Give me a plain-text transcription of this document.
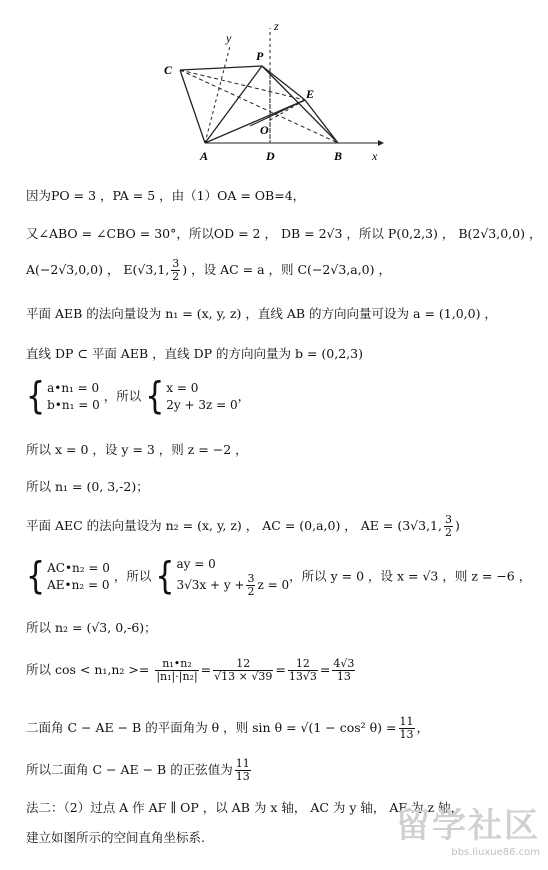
y
z
C
P
E
O
A	D	B x
因为PO = 3 ，PA = 5 ，由（1）OA = OB=4，
又∠ABO = ∠CBO = 30°，所以OD = 2 ， DB = 2√3 ，所以 P(0,2,3) ， B(2√3,0,0) ，
A(−2√3,0,0) ， E(√3,1, $\frac{3}{2}$ ) ，设 AC = a ，则 C(−2√3,a,0) ，
平面 AEB 的法向量设为 n₁ = (x, y, z) ，直线 AB 的方向向量可设为 a = (1,0,0) ，
直线 DP ⊂ 平面 AEB ，直线 DP 的方向向量为 b = (0,2,3)
{ a•n₁ = 0
b•n₁ = 0 ，所以 { x = 0
2y + 3z = 0，
所以 x = 0 ，设 y = 3 ，则 z = −2 ，
所以 n₁ = (0, 3,-2)；
平面 AEC 的法向量设为 n₂ = (x, y, z) ， AC = (0,a,0) ， AE = (3√3,1, $\frac{3}{2}$ )
{ AC•n₂ = 0
AE•n₂ = 0 ，所以 { ay = 0
$3√3x + y + \frac{3}{2}$ z = 0，所以 y = 0 ，设 x = √3 ，则 z = −6 ，
所以 n₂ = (√3, 0,-6)；
所以 $\cos < n_1,n_2 >= \frac{\text{n₁•n₂}}{\text{|n₁|·|n₂|}} = \frac{12}{√13 \times √39} = \frac{12}{13√3} = \frac{4√3}{13}$
二面角 C − AE − B 的平面角为 θ ，则 sin θ = √(1 − cos² $\theta) = \frac{11}{13}$ ，
所以二面角 C − AE − B 的正弦值为 $\frac{11}{13}$
法二：（2）过点 A 作 AF ∥ OP ，以 AB 为 x 轴， AC 为 y 轴， AF 为 z 轴，
建立如图所示的空间直角坐标系.	留学社区
bbs.liuxue86.com
